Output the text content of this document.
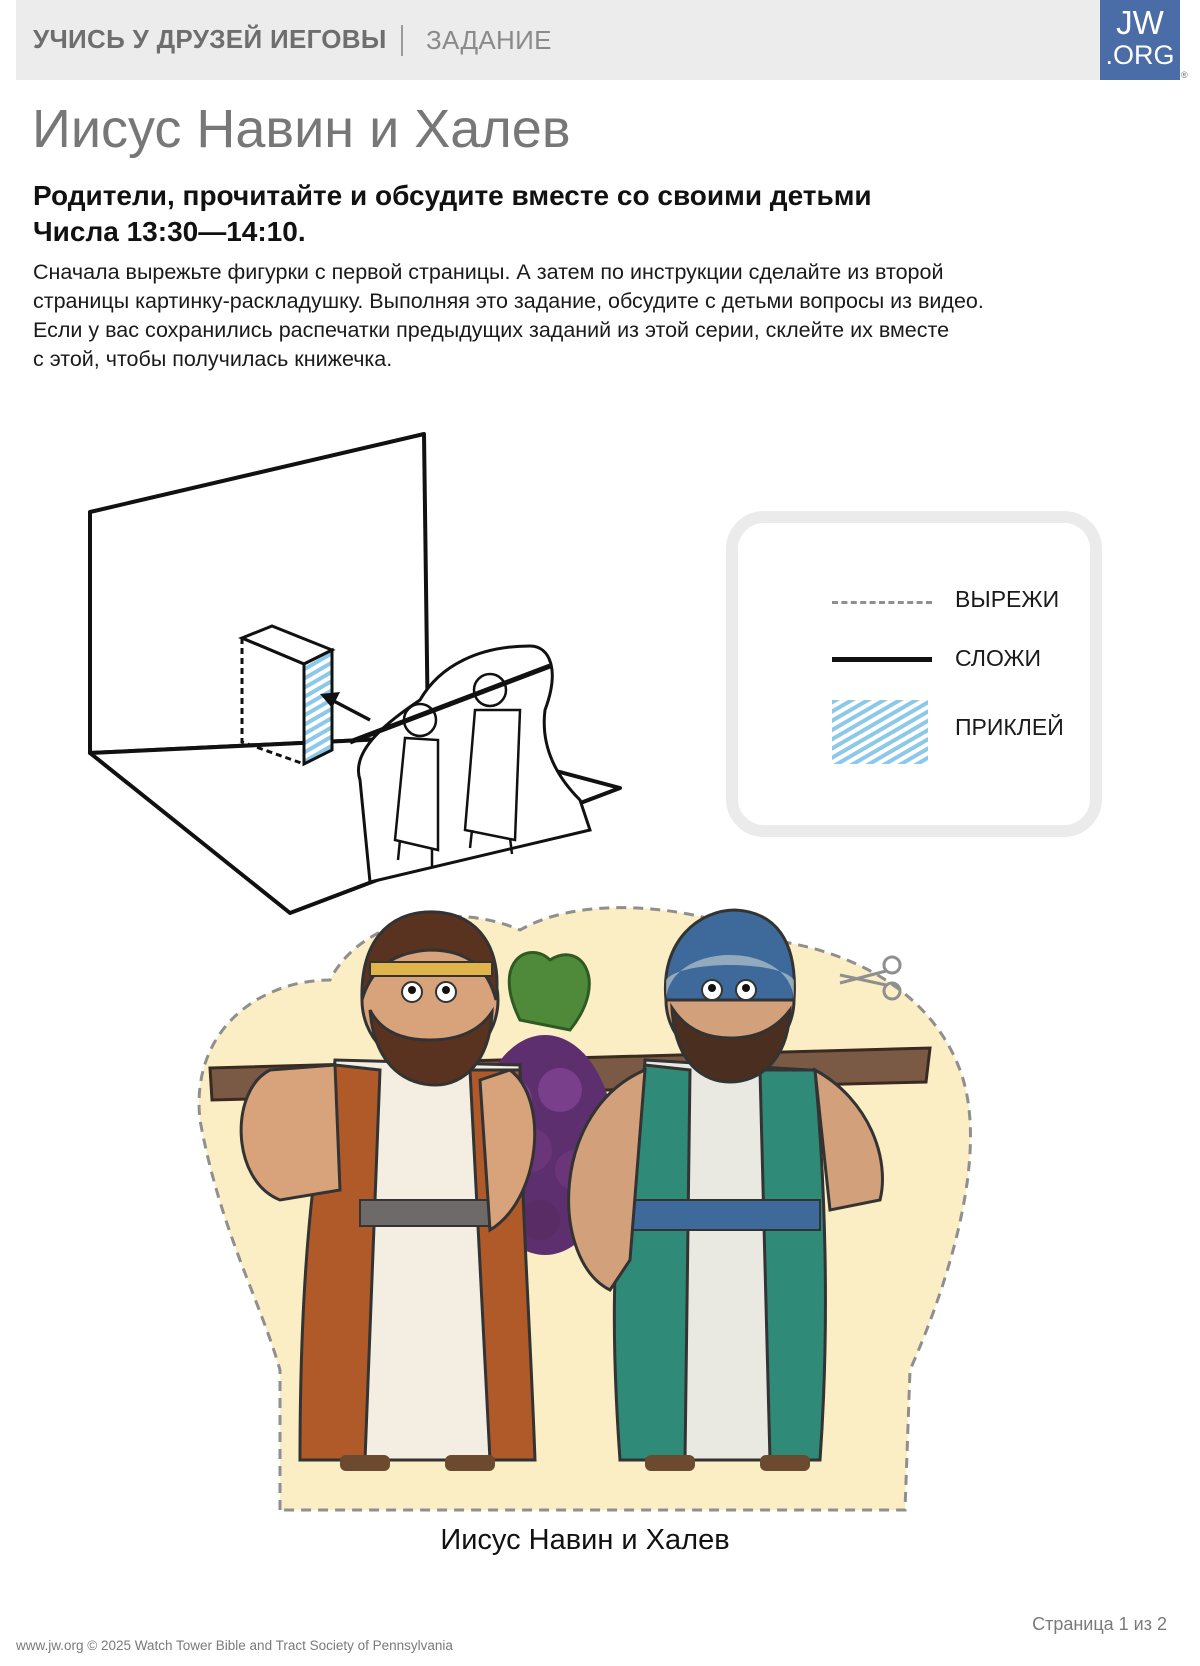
УЧИСЬ У ДРУЗЕЙ ИЕГОВЫ ЗАДАНИЕ	JW
.ORG
®
Иисус Навин и Халев
Родители, прочитайте и обсудите вместе со своими детьми
Числа 13:30—14:10.
Сначала вырежьте фигурки с первой страницы. А затем по инструкции сделайте из второй
страницы картинку-раскладушку. Выполняя это задание, обсудите с детьми вопросы из видео.
Если у вас сохранились распечатки предыдущих заданий из этой серии, склейте их вместе
с этой, чтобы получилась книжечка.
ВЫРЕЖИ
СЛОЖИ
ПРИКЛЕЙ
Иисус Навин и Халев
Страница 1 из 2
www.jw.org © 2025 Watch Tower Bible and Tract Society of Pennsylvania
